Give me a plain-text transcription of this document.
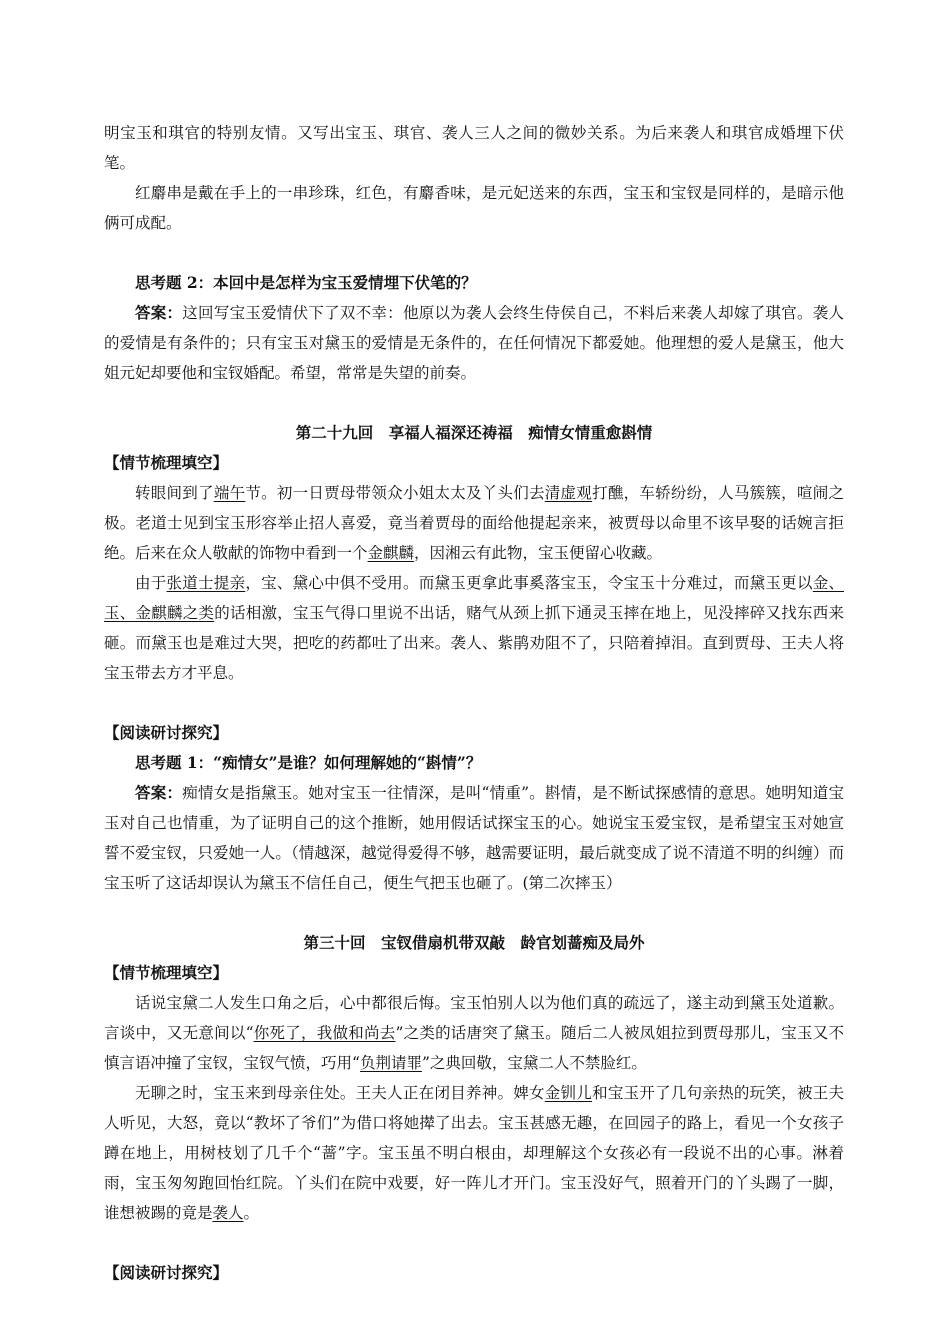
明宝玉和琪官的特别友情。又写出宝玉、琪官、袭人三人之间的微妙关系。为后来袭人和琪官成婚埋下伏笔。

红麝串是戴在手上的一串珍珠，红色，有麝香味，是元妃送来的东西，宝玉和宝钗是同样的，是暗示他俩可成配。

思考题 2：本回中是怎样为宝玉爱情埋下伏笔的？

答案：这回写宝玉爱情伏下了双不幸：他原以为袭人会终生侍侯自己，不料后来袭人却嫁了琪官。袭人的爱情是有条件的；只有宝玉对黛玉的爱情是无条件的，在任何情况下都爱她。他理想的爱人是黛玉，他大姐元妃却要他和宝钗婚配。希望，常常是失望的前奏。

第二十九回　享福人福深还祷福　痴情女情重愈斟情

【情节梳理填空】

转眼间到了端午节。初一日贾母带领众小姐太太及丫头们去清虚观打醮，车轿纷纷，人马簇簇，喧闹之极。老道士见到宝玉形容举止招人喜爱，竟当着贾母的面给他提起亲来，被贾母以命里不该早娶的话婉言拒绝。后来在众人敬献的饰物中看到一个金麒麟，因湘云有此物，宝玉便留心收藏。

由于张道士提亲，宝、黛心中俱不受用。而黛玉更拿此事奚落宝玉，令宝玉十分难过，而黛玉更以金、玉、金麒麟之类的话相激，宝玉气得口里说不出话，赌气从颈上抓下通灵玉摔在地上，见没摔碎又找东西来砸。而黛玉也是难过大哭，把吃的药都吐了出来。袭人、紫鹃劝阻不了，只陪着掉泪。直到贾母、王夫人将宝玉带去方才平息。

【阅读研讨探究】

思考题 1：“痴情女”是谁？如何理解她的“斟情”？

答案：痴情女是指黛玉。她对宝玉一往情深，是叫“情重”。斟情，是不断试探感情的意思。她明知道宝玉对自己也情重，为了证明自己的这个推断，她用假话试探宝玉的心。她说宝玉爱宝钗，是希望宝玉对她宣誓不爱宝钗，只爱她一人。（情越深，越觉得爱得不够，越需要证明，最后就变成了说不清道不明的纠缠）而宝玉听了这话却误认为黛玉不信任自己，便生气把玉也砸了。(第二次摔玉）

第三十回　宝钗借扇机带双敲　龄官划蔷痴及局外

【情节梳理填空】

话说宝黛二人发生口角之后，心中都很后悔。宝玉怕别人以为他们真的疏远了，遂主动到黛玉处道歉。言谈中，又无意间以“你死了，我做和尚去”之类的话唐突了黛玉。随后二人被凤姐拉到贾母那儿，宝玉又不慎言语冲撞了宝钗，宝钗气愤，巧用“负荆请罪”之典回敬，宝黛二人不禁脸红。

无聊之时，宝玉来到母亲住处。王夫人正在闭目养神。婢女金钏儿和宝玉开了几句亲热的玩笑，被王夫人听见，大怒，竟以“教坏了爷们”为借口将她撵了出去。宝玉甚感无趣，在回园子的路上，看见一个女孩子蹲在地上，用树枝划了几千个“蔷”字。宝玉虽不明白根由，却理解这个女孩必有一段说不出的心事。淋着雨，宝玉匆匆跑回怡红院。丫头们在院中戏要，好一阵儿才开门。宝玉没好气，照着开门的丫头踢了一脚，谁想被踢的竟是袭人。

【阅读研讨探究】
